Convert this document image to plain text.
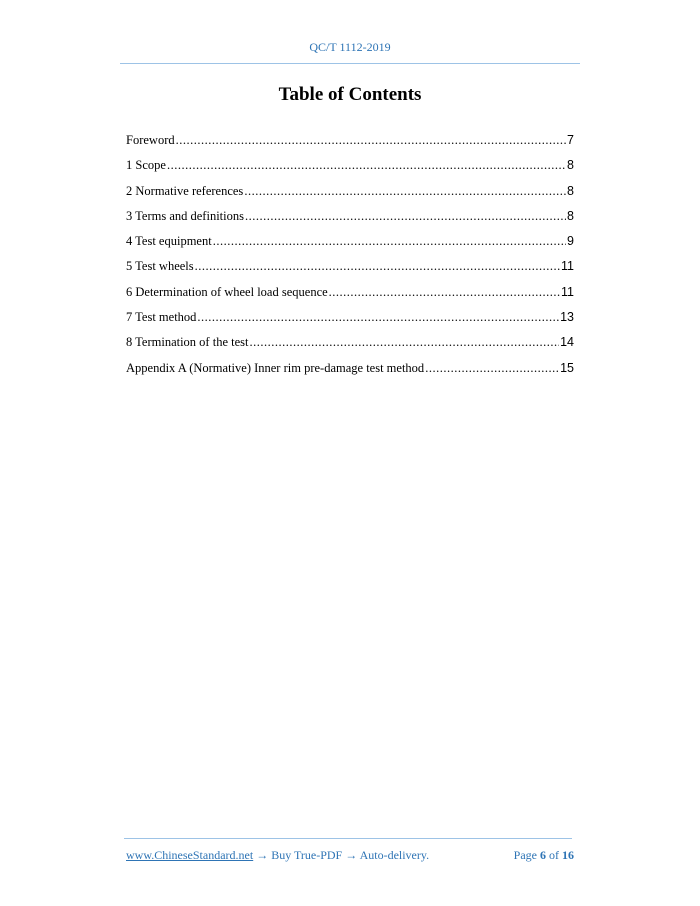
QC/T 1112-2019
Table of Contents
Foreword .....	7
1 Scope .....	8
2 Normative references .....	8
3 Terms and definitions .....	8
4 Test equipment .....	9
5 Test wheels .....	11
6 Determination of wheel load sequence .....	11
7 Test method .....	13
8 Termination of the test .....	14
Appendix A (Normative) Inner rim pre-damage test method .....	15
www.ChineseStandard.net → Buy True-PDF → Auto-delivery.	Page 6 of 16
